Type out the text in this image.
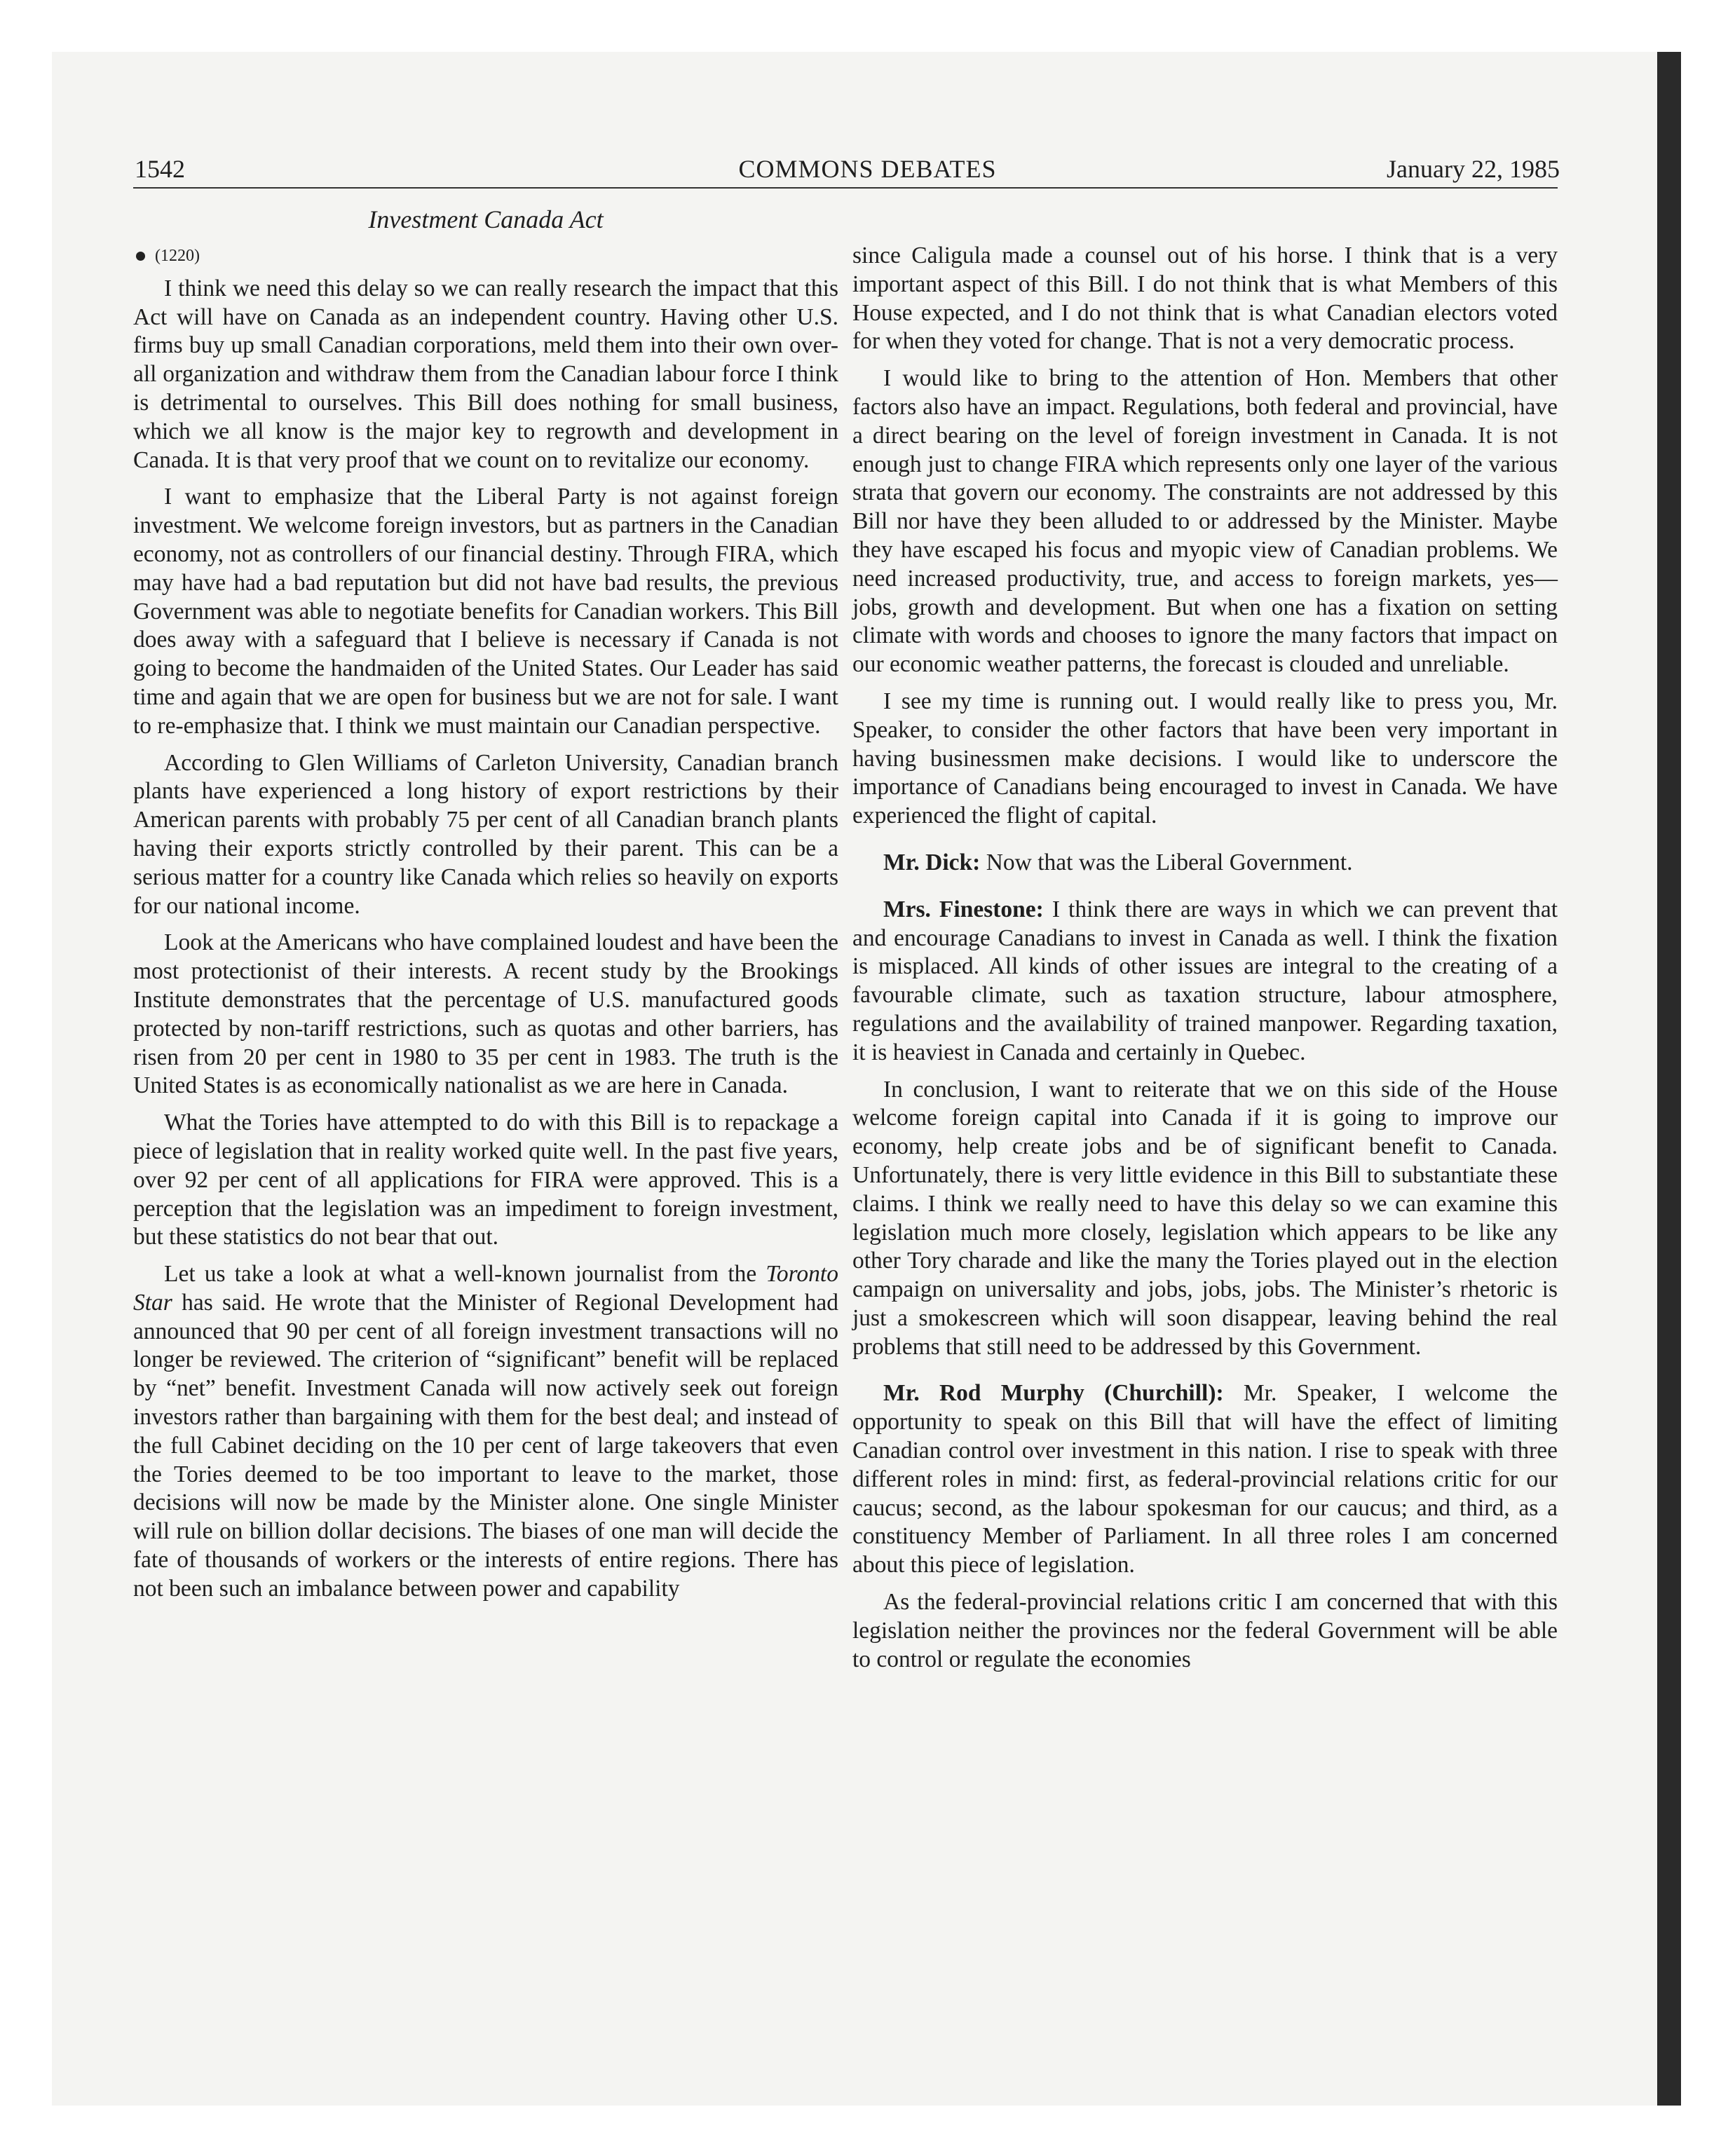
1542	COMMONS DEBATES	January 22, 1985
Investment Canada Act
(1220)

I think we need this delay so we can really research the impact that this Act will have on Canada as an independent country. Having other U.S. firms buy up small Canadian corporations, meld them into their own over-all organization and withdraw them from the Canadian labour force I think is detrimental to ourselves. This Bill does nothing for small business, which we all know is the major key to regrowth and development in Canada. It is that very proof that we count on to revitalize our economy.

I want to emphasize that the Liberal Party is not against foreign investment. We welcome foreign investors, but as partners in the Canadian economy, not as controllers of our financial destiny. Through FIRA, which may have had a bad reputation but did not have bad results, the previous Government was able to negotiate benefits for Canadian workers. This Bill does away with a safeguard that I believe is necessary if Canada is not going to become the handmaiden of the United States. Our Leader has said time and again that we are open for business but we are not for sale. I want to re-emphasize that. I think we must maintain our Canadian perspective.

According to Glen Williams of Carleton University, Canadian branch plants have experienced a long history of export restrictions by their American parents with probably 75 per cent of all Canadian branch plants having their exports strictly controlled by their parent. This can be a serious matter for a country like Canada which relies so heavily on exports for our national income.

Look at the Americans who have complained loudest and have been the most protectionist of their interests. A recent study by the Brookings Institute demonstrates that the percentage of U.S. manufactured goods protected by non-tariff restrictions, such as quotas and other barriers, has risen from 20 per cent in 1980 to 35 per cent in 1983. The truth is the United States is as economically nationalist as we are here in Canada.

What the Tories have attempted to do with this Bill is to repackage a piece of legislation that in reality worked quite well. In the past five years, over 92 per cent of all applications for FIRA were approved. This is a perception that the legislation was an impediment to foreign investment, but these statistics do not bear that out.

Let us take a look at what a well-known journalist from the Toronto Star has said. He wrote that the Minister of Regional Development had announced that 90 per cent of all foreign investment transactions will no longer be reviewed. The criterion of “significant” benefit will be replaced by “net” benefit. Investment Canada will now actively seek out foreign investors rather than bargaining with them for the best deal; and instead of the full Cabinet deciding on the 10 per cent of large takeovers that even the Tories deemed to be too important to leave to the market, those decisions will now be made by the Minister alone. One single Minister will rule on billion dollar decisions. The biases of one man will decide the fate of thousands of workers or the interests of entire regions. There has not been such an imbalance between power and capability

since Caligula made a counsel out of his horse. I think that is a very important aspect of this Bill. I do not think that is what Members of this House expected, and I do not think that is what Canadian electors voted for when they voted for change. That is not a very democratic process.

I would like to bring to the attention of Hon. Members that other factors also have an impact. Regulations, both federal and provincial, have a direct bearing on the level of foreign investment in Canada. It is not enough just to change FIRA which represents only one layer of the various strata that govern our economy. The constraints are not addressed by this Bill nor have they been alluded to or addressed by the Minister. Maybe they have escaped his focus and myopic view of Canadian problems. We need increased productivity, true, and access to foreign markets, yes—jobs, growth and development. But when one has a fixation on setting climate with words and chooses to ignore the many factors that impact on our economic weather patterns, the forecast is clouded and unreliable.

I see my time is running out. I would really like to press you, Mr. Speaker, to consider the other factors that have been very important in having businessmen make decisions. I would like to underscore the importance of Canadians being encouraged to invest in Canada. We have experienced the flight of capital.

Mr. Dick: Now that was the Liberal Government.

Mrs. Finestone: I think there are ways in which we can prevent that and encourage Canadians to invest in Canada as well. I think the fixation is misplaced. All kinds of other issues are integral to the creating of a favourable climate, such as taxation structure, labour atmosphere, regulations and the availability of trained manpower. Regarding taxation, it is heaviest in Canada and certainly in Quebec.

In conclusion, I want to reiterate that we on this side of the House welcome foreign capital into Canada if it is going to improve our economy, help create jobs and be of significant benefit to Canada. Unfortunately, there is very little evidence in this Bill to substantiate these claims. I think we really need to have this delay so we can examine this legislation much more closely, legislation which appears to be like any other Tory charade and like the many the Tories played out in the election campaign on universality and jobs, jobs, jobs. The Minister’s rhetoric is just a smokescreen which will soon disappear, leaving behind the real problems that still need to be addressed by this Government.

Mr. Rod Murphy (Churchill): Mr. Speaker, I welcome the opportunity to speak on this Bill that will have the effect of limiting Canadian control over investment in this nation. I rise to speak with three different roles in mind: first, as federal-provincial relations critic for our caucus; second, as the labour spokesman for our caucus; and third, as a constituency Member of Parliament. In all three roles I am concerned about this piece of legislation.

As the federal-provincial relations critic I am concerned that with this legislation neither the provinces nor the federal Government will be able to control or regulate the economies
